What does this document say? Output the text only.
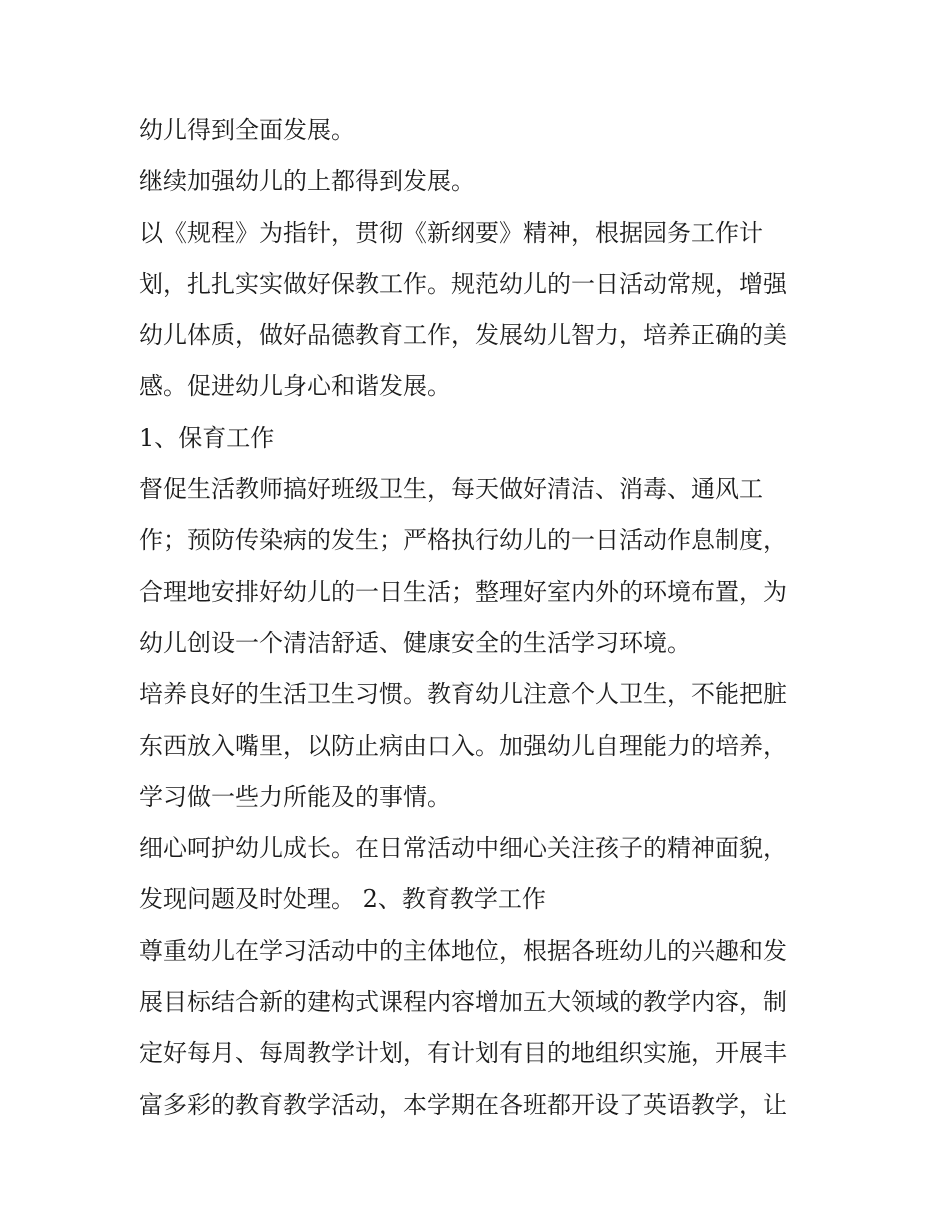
幼儿得到全面发展。
继续加强幼儿的上都得到发展。
以《规程》为指针，贯彻《新纲要》精神，根据园务工作计
划，扎扎实实做好保教工作。规范幼儿的一日活动常规，增强
幼儿体质，做好品德教育工作，发展幼儿智力，培养正确的美
感。促进幼儿身心和谐发展。
1、保育工作
督促生活教师搞好班级卫生，每天做好清洁、消毒、通风工
作；预防传染病的发生；严格执行幼儿的一日活动作息制度，
合理地安排好幼儿的一日生活；整理好室内外的环境布置，为
幼儿创设一个清洁舒适、健康安全的生活学习环境。
培养良好的生活卫生习惯。教育幼儿注意个人卫生，不能把脏
东西放入嘴里，以防止病由口入。加强幼儿自理能力的培养，
学习做一些力所能及的事情。
细心呵护幼儿成长。在日常活动中细心关注孩子的精神面貌，
发现问题及时处理。 2、教育教学工作
尊重幼儿在学习活动中的主体地位，根据各班幼儿的兴趣和发
展目标结合新的建构式课程内容增加五大领域的教学内容，制
定好每月、每周教学计划，有计划有目的地组织实施，开展丰
富多彩的教育教学活动，本学期在各班都开设了英语教学，让
